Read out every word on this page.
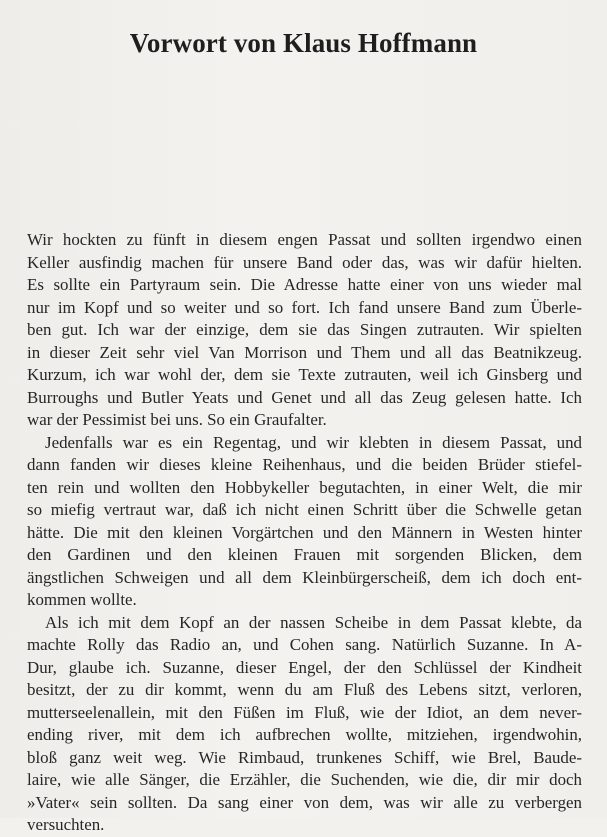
Vorwort von Klaus Hoffmann
Wir hockten zu fünft in diesem engen Passat und sollten irgendwo einen
Keller ausfindig machen für unsere Band oder das, was wir dafür hielten.
Es sollte ein Partyraum sein. Die Adresse hatte einer von uns wieder mal
nur im Kopf und so weiter und so fort. Ich fand unsere Band zum Überle-
ben gut. Ich war der einzige, dem sie das Singen zutrauten. Wir spielten
in dieser Zeit sehr viel Van Morrison und Them und all das Beatnikzeug.
Kurzum, ich war wohl der, dem sie Texte zutrauten, weil ich Ginsberg und
Burroughs und Butler Yeats und Genet und all das Zeug gelesen hatte. Ich
war der Pessimist bei uns. So ein Graufalter.
Jedenfalls war es ein Regentag, und wir klebten in diesem Passat, und
dann fanden wir dieses kleine Reihenhaus, und die beiden Brüder stiefel-
ten rein und wollten den Hobbykeller begutachten, in einer Welt, die mir
so miefig vertraut war, daß ich nicht einen Schritt über die Schwelle getan
hätte. Die mit den kleinen Vorgärtchen und den Männern in Westen hinter
den Gardinen und den kleinen Frauen mit sorgenden Blicken, dem
ängstlichen Schweigen und all dem Kleinbürgerscheiß, dem ich doch ent-
kommen wollte.
Als ich mit dem Kopf an der nassen Scheibe in dem Passat klebte, da
machte Rolly das Radio an, und Cohen sang. Natürlich Suzanne. In A-
Dur, glaube ich. Suzanne, dieser Engel, der den Schlüssel der Kindheit
besitzt, der zu dir kommt, wenn du am Fluß des Lebens sitzt, verloren,
mutterseelenallein, mit den Füßen im Fluß, wie der Idiot, an dem never-
ending river, mit dem ich aufbrechen wollte, mitziehen, irgendwohin,
bloß ganz weit weg. Wie Rimbaud, trunkenes Schiff, wie Brel, Baude-
laire, wie alle Sänger, die Erzähler, die Suchenden, wie die, dir mir doch
»Vater« sein sollten. Da sang einer von dem, was wir alle zu verbergen
versuchten.
